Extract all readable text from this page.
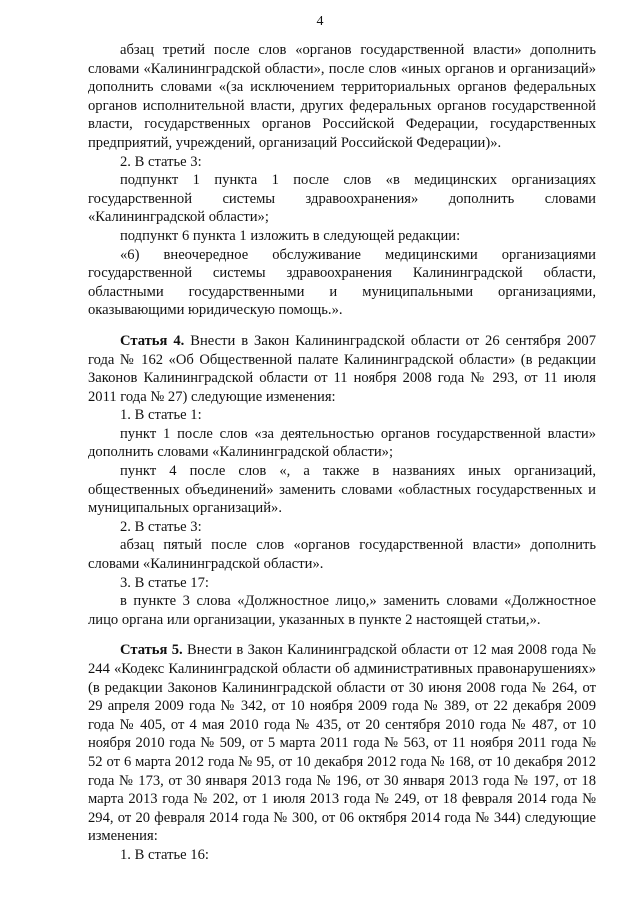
4

абзац третий после слов «органов государственной власти» дополнить словами «Калининградской области», после слов «иных органов и организаций» дополнить словами «(за исключением территориальных органов федеральных органов исполнительной власти, других федеральных органов государственной власти, государственных органов Российской Федерации, государственных предприятий, учреждений, организаций Российской Федерации)».

2. В статье 3:

подпункт 1 пункта 1 после слов «в медицинских организациях государственной системы здравоохранения» дополнить словами «Калининградской области»;

подпункт 6 пункта 1 изложить в следующей редакции:

«6) внеочередное обслуживание медицинскими организациями государственной системы здравоохранения Калининградской области, областными государственными и муниципальными организациями, оказывающими юридическую помощь.».

Статья 4. Внести в Закон Калининградской области от 26 сентября 2007 года № 162 «Об Общественной палате Калининградской области» (в редакции Законов Калининградской области от 11 ноября 2008 года № 293, от 11 июля 2011 года № 27) следующие изменения:

1. В статье 1:

пункт 1 после слов «за деятельностью органов государственной власти» дополнить словами «Калининградской области»;

пункт 4 после слов «, а также в названиях иных организаций, общественных объединений» заменить словами «областных государственных и муниципальных организаций».

2. В статье 3:

абзац пятый после слов «органов государственной власти» дополнить словами «Калининградской области».

3. В статье 17:

в пункте 3 слова «Должностное лицо,» заменить словами «Должностное лицо органа или организации, указанных в пункте 2 настоящей статьи,».

Статья 5. Внести в Закон Калининградской области от 12 мая 2008 года № 244 «Кодекс Калининградской области об административных правонарушениях» (в редакции Законов Калининградской области от 30 июня 2008 года № 264, от 29 апреля 2009 года № 342, от 10 ноября 2009 года № 389, от 22 декабря 2009 года № 405, от 4 мая 2010 года № 435, от 20 сентября 2010 года № 487, от 10 ноября 2010 года № 509, от 5 марта 2011 года № 563, от 11 ноября 2011 года № 52 от 6 марта 2012 года № 95, от 10 декабря 2012 года № 168, от 10 декабря 2012 года № 173, от 30 января 2013 года № 196, от 30 января 2013 года № 197, от 18 марта 2013 года № 202, от 1 июля 2013 года № 249, от 18 февраля 2014 года № 294, от 20 февраля 2014 года № 300, от 06 октября 2014 года № 344) следующие изменения:

1. В статье 16:
